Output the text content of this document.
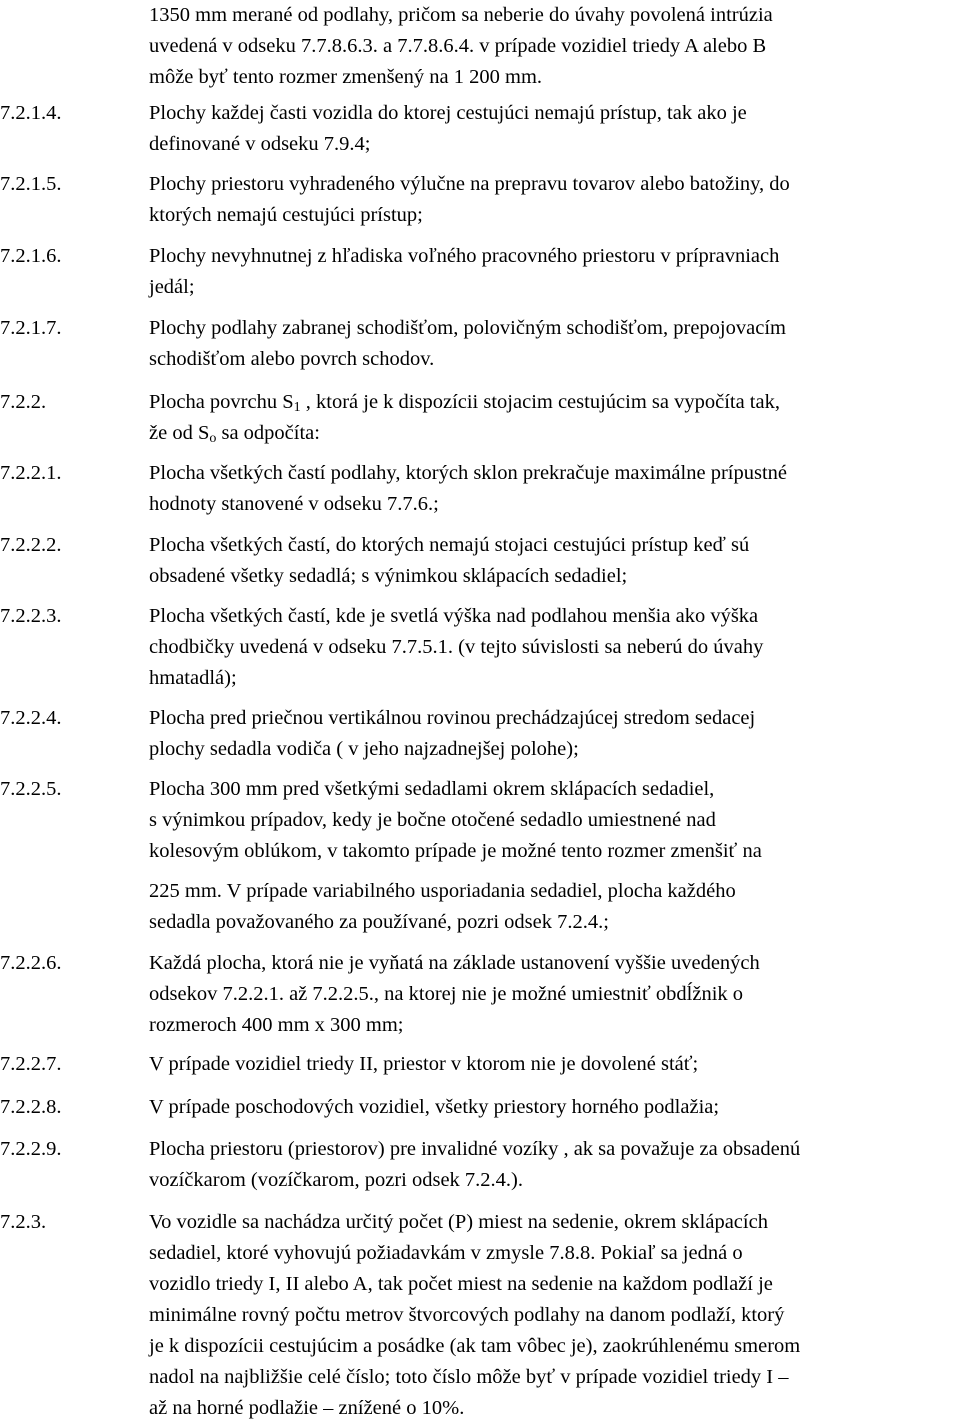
1350 mm merané od podlahy, pričom sa neberie do úvahy povolená intrúzia
uvedená v odseku 7.7.8.6.3. a 7.7.8.6.4. v prípade vozidiel triedy A alebo B
môže byť tento rozmer zmenšený na 1 200 mm.
7.2.1.4.	Plochy každej časti vozidla do ktorej cestujúci nemajú prístup, tak ako je
definované v odseku 7.9.4;
7.2.1.5.	Plochy priestoru vyhradeného výlučne na prepravu tovarov alebo batožiny, do
ktorých nemajú cestujúci prístup;
7.2.1.6.	Plochy nevyhnutnej z hľadiska voľného pracovného priestoru v prípravniach
jedál;
7.2.1.7.	Plochy podlahy zabranej schodišťom, polovičným schodišťom, prepojovacím
schodišťom alebo povrch schodov.
7.2.2.	Plocha povrchu $S_1$ , ktorá je k dispozícii stojacim cestujúcim sa vypočíta tak,
že od $S_o$ sa odpočíta:
7.2.2.1.	Plocha všetkých častí podlahy, ktorých sklon prekračuje maximálne prípustné
hodnoty stanovené v odseku 7.7.6.;
7.2.2.2.	Plocha všetkých častí, do ktorých nemajú stojaci cestujúci prístup keď sú
obsadené všetky sedadlá; s výnimkou sklápacích sedadiel;
7.2.2.3.	Plocha všetkých častí, kde je svetlá výška nad podlahou menšia ako výška
chodbičky uvedená v odseku 7.7.5.1. (v tejto súvislosti sa neberú do úvahy
hmatadlá);
7.2.2.4.	Plocha pred priečnou vertikálnou rovinou prechádzajúcej stredom sedacej
plochy sedadla vodiča ( v jeho najzadnejšej polohe);
7.2.2.5.	Plocha 300 mm pred všetkými sedadlami okrem sklápacích sedadiel,
s výnimkou prípadov, kedy je bočne otočené sedadlo umiestnené nad
kolesovým oblúkom, v takomto prípade je možné tento rozmer zmenšiť na
225 mm. V prípade variabilného usporiadania sedadiel, plocha každého
sedadla považovaného za používané, pozri odsek 7.2.4.;
7.2.2.6.	Každá plocha, ktorá nie je vyňatá na základe ustanovení vyššie uvedených
odsekov 7.2.2.1. až 7.2.2.5., na ktorej nie je možné umiestniť obdĺžnik o
rozmeroch 400 mm x 300 mm;
7.2.2.7.	V prípade vozidiel triedy II, priestor v ktorom nie je dovolené stáť;
7.2.2.8.	V prípade poschodových vozidiel, všetky priestory horného podlažia;
7.2.2.9.	Plocha priestoru (priestorov) pre invalidné vozíky , ak sa považuje za obsadenú
vozíčkarom (vozíčkarom, pozri odsek 7.2.4.).
7.2.3.	Vo vozidle sa nachádza určitý počet (P) miest na sedenie, okrem sklápacích
sedadiel, ktoré vyhovujú požiadavkám v zmysle 7.8.8. Pokiaľ sa jedná o
vozidlo triedy I, II alebo A, tak počet miest na sedenie na každom podlaží je
minimálne rovný počtu metrov štvorcových podlahy na danom podlaží, ktorý
je k dispozícii cestujúcim a posádke (ak tam vôbec je), zaokrúhlenému smerom
nadol na najbližšie celé číslo; toto číslo môže byť v prípade vozidiel triedy I –
až na horné podlažie – znížené o 10%.
